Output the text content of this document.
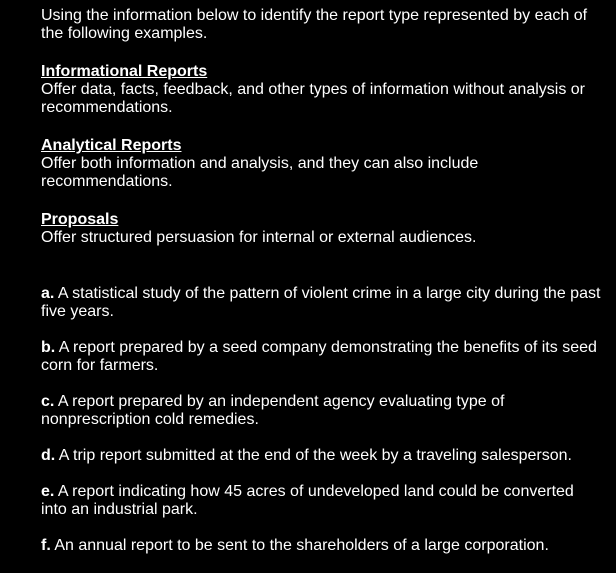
Using the information below to identify the report type represented by each of the following examples.

Informational Reports
Offer data, facts, feedback, and other types of information without analysis or recommendations.
Analytical Reports
Offer both information and analysis, and they can also include recommendations.
Proposals
Offer structured persuasion for internal or external audiences.
a. A statistical study of the pattern of violent crime in a large city during the past five years.
b. A report prepared by a seed company demonstrating the benefits of its seed corn for farmers.
c. A report prepared by an independent agency evaluating type of nonprescription cold remedies.
d. A trip report submitted at the end of the week by a traveling salesperson.
e. A report indicating how 45 acres of undeveloped land could be converted into an industrial park.
f. An annual report to be sent to the shareholders of a large corporation.
